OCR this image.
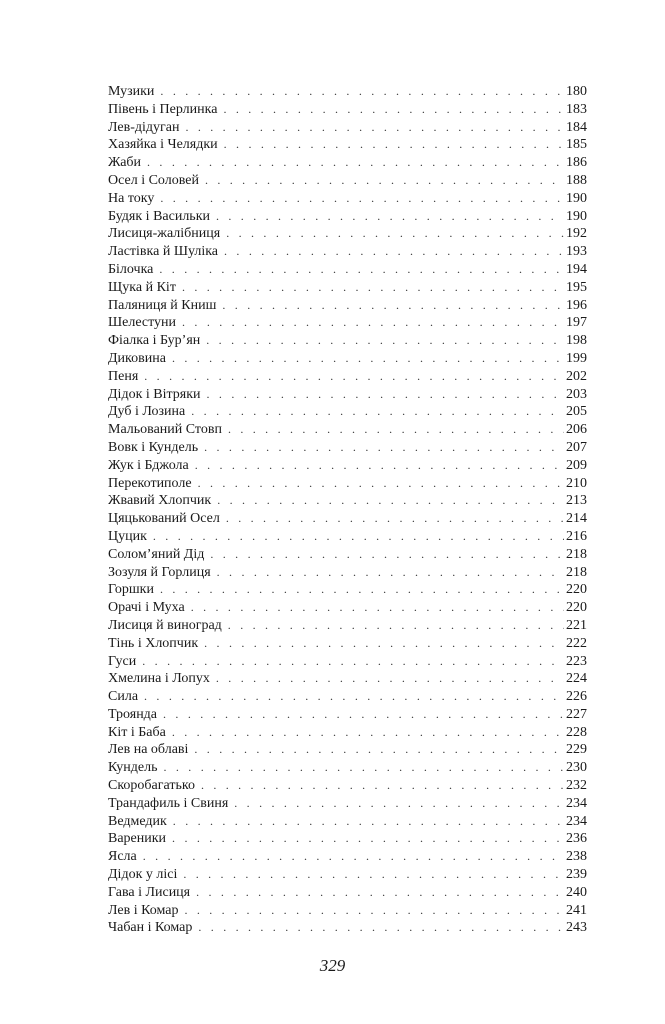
Музики . . .	180
Півень і Перлинка . . .	183
Лев-дідуган . . .	184
Хазяйка і Челядки . . .	185
Жаби . . .	186
Осел і Соловей . . .	188
На току . . .	190
Будяк і Васильки . . .	190
Лисиця-жалібниця . . .	192
Ластівка й Шуліка . . .	193
Білочка . . .	194
Щука й Кіт . . .	195
Паляниця й Книш . . .	196
Шелестуни . . .	197
Фіалка і Бур’ян . . .	198
Диковина . . .	199
Пеня . . .	202
Дідок і Вітряки . . .	203
Дуб і Лозина . . .	205
Мальований Стовп . . .	206
Вовк і Кундель . . .	207
Жук і Бджола . . .	209
Перекотиполе . . .	210
Жвавий Хлопчик . . .	213
Цяцькований Осел . . .	214
Цуцик . . .	216
Солом’яний Дід . . .	218
Зозуля й Горлиця . . .	218
Горшки . . .	220
Орачі і Муха . . .	220
Лисиця й виноград . . .	221
Тінь і Хлопчик . . .	222
Гуси . . .	223
Хмелина і Лопух . . .	224
Сила . . .	226
Троянда . . .	227
Кіт і Баба . . .	228
Лев на облаві . . .	229
Кундель . . .	230
Скоробагатько . . .	232
Трандафиль і Свиня . . .	234
Ведмедик . . .	234
Вареники . . .	236
Ясла . . .	238
Дідок у лісі . . .	239
Гава і Лисиця . . .	240
Лев і Комар . . .	241
Чабан і Комар . . .	243
329
